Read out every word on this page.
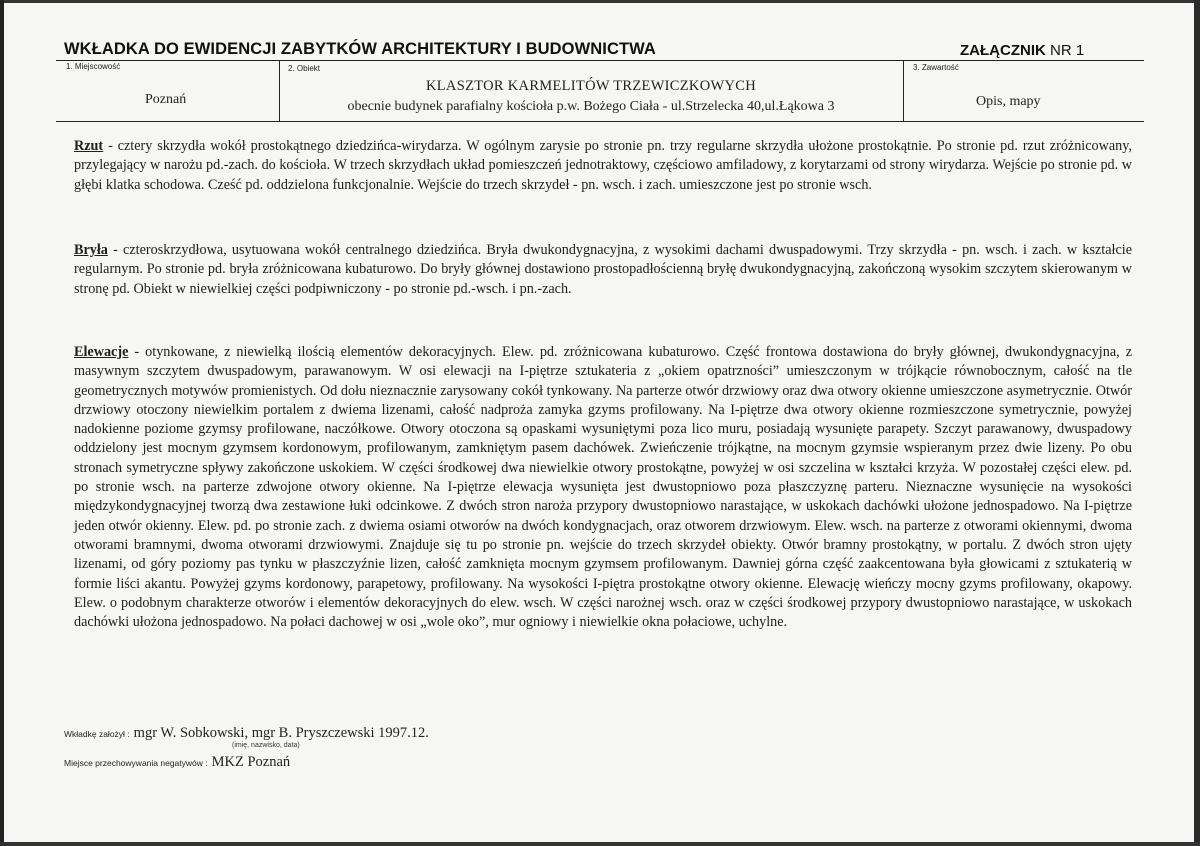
WKŁADKA DO EWIDENCJI ZABYTKÓW ARCHITEKTURY I BUDOWNICTWA	ZAŁĄCZNIK NR 1
1. Miejscowość
Poznań
2. Obiekt
KLASZTOR KARMELITÓW TRZEWICZKOWYCH
obecnie budynek parafialny kościoła p.w. Bożego Ciała - ul.Strzelecka 40,ul.Łąkowa 3
3. Zawartość
Opis, mapy

Rzut - cztery skrzydła wokół prostokątnego dziedzińca-wirydarza. W ogólnym zarysie po stronie pn. trzy regularne skrzydła ułożone prostokątnie. Po stronie pd. rzut zróżnicowany, przylegający w narożu pd.-zach. do kościoła. W trzech skrzydłach układ pomieszczeń jednotraktowy, częściowo amfiladowy, z korytarzami od strony wirydarza. Wejście po stronie pd. w głębi klatka schodowa. Cześć pd. oddzielona funkcjonalnie. Wejście do trzech skrzydeł - pn. wsch. i zach. umieszczone jest po stronie wsch.

Bryła - czteroskrzydłowa, usytuowana wokół centralnego dziedzińca. Bryła dwukondygnacyjna, z wysokimi dachami dwuspadowymi. Trzy skrzydła - pn. wsch. i zach. w kształcie regularnym. Po stronie pd. bryła zróżnicowana kubaturowo. Do bryły głównej dostawiono prostopadłościenną bryłę dwukondygnacyjną, zakończoną wysokim szczytem skierowanym w stronę pd. Obiekt w niewielkiej części podpiwniczony - po stronie pd.-wsch. i pn.-zach.

Elewacje - otynkowane, z niewielką ilością elementów dekoracyjnych. Elew. pd. zróżnicowana kubaturowo. Część frontowa dostawiona do bryły głównej, dwukondygnacyjna, z masywnym szczytem dwuspadowym, parawanowym. W osi elewacji na I-piętrze sztukateria z „okiem opatrzności” umieszczonym w trójkącie równobocznym, całość na tle geometrycznych motywów promienistych. Od dołu nieznacznie zarysowany cokół tynkowany. Na parterze otwór drzwiowy oraz dwa otwory okienne umieszczone asymetrycznie. Otwór drzwiowy otoczony niewielkim portalem z dwiema lizenami, całość nadproża zamyka gzyms profilowany. Na I-piętrze dwa otwory okienne rozmieszczone symetrycznie, powyżej nadokienne poziome gzymsy profilowane, naczółkowe. Otwory otoczona są opaskami wysuniętymi poza lico muru, posiadają wysunięte parapety. Szczyt parawanowy, dwuspadowy oddzielony jest mocnym gzymsem kordonowym, profilowanym, zamkniętym pasem dachówek. Zwieńczenie trójkątne, na mocnym gzymsie wspieranym przez dwie lizeny. Po obu stronach symetryczne spływy zakończone uskokiem. W części środkowej dwa niewielkie otwory prostokątne, powyżej w osi szczelina w kształci krzyża. W pozostałej części elew. pd. po stronie wsch. na parterze zdwojone otwory okienne. Na I-piętrze elewacja wysunięta jest dwustopniowo poza płaszczyznę parteru. Nieznaczne wysunięcie na wysokości międzykondygnacyjnej tworzą dwa zestawione łuki odcinkowe. Z dwóch stron naroża przypory dwustopniowo narastające, w uskokach dachówki ułożone jednospadowo. Na I-piętrze jeden otwór okienny. Elew. pd. po stronie zach. z dwiema osiami otworów na dwóch kondygnacjach, oraz otworem drzwiowym. Elew. wsch. na parterze z otworami okiennymi, dwoma otworami bramnymi, dwoma otworami drzwiowymi. Znajduje się tu po stronie pn. wejście do trzech skrzydeł obiekty. Otwór bramny prostokątny, w portalu. Z dwóch stron ujęty lizenami, od góry poziomy pas tynku w płaszczyźnie lizen, całość zamknięta mocnym gzymsem profilowanym. Dawniej górna część zaakcentowana była głowicami z sztukaterią w formie liści akantu. Powyżej gzyms kordonowy, parapetowy, profilowany. Na wysokości I-piętra prostokątne otwory okienne. Elewację wieńczy mocny gzyms profilowany, okapowy. Elew. o podobnym charakterze otworów i elementów dekoracyjnych do elew. wsch. W części narożnej wsch. oraz w części środkowej przypory dwustopniowo narastające, w uskokach dachówki ułożona jednospadowo. Na połaci dachowej w osi „wole oko”, mur ogniowy i niewielkie okna połaciowe, uchylne.

Wkładkę założył : mgr W. Sobkowski, mgr B. Pryszczewski 1997.12.
(imię, nazwisko, data)
Miejsce przechowywania negatywów : MKZ Poznań
